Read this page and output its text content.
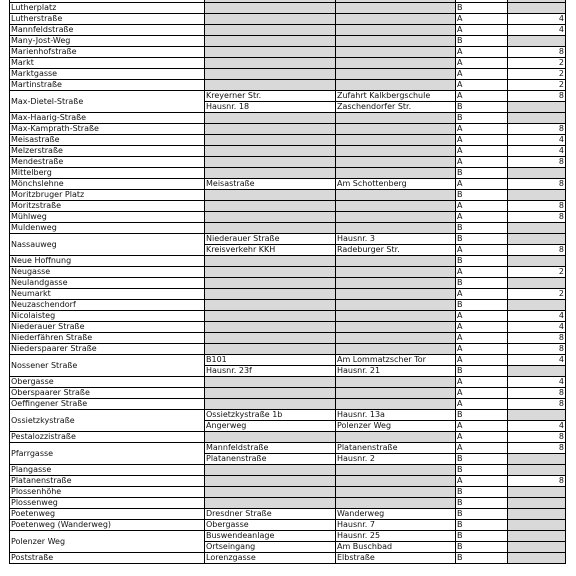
Lutherplatz			B	
Lutherstraße			A	4
Mannfeldstraße			A	4
Many-Jost-Weg			B	
Marienhofstraße			A	8
Markt			A	2
Marktgasse			A	2
Martinstraße			A	2
Max-Dietel-Straße	Kreyerner Str.	Zufahrt Kalkbergschule	A	8
	Hausnr. 18	Zaschendorfer Str.	B	
Max-Haarig-Straße			B	
Max-Kamprath-Straße			A	8
Meisastraße			A	4
Melzerstraße			A	4
Mendestraße			A	8
Mittelberg			B	
Mönchslehne	Meisastraße	Am Schottenberg	A	8
Moritzbruger Platz			B	
Moritzstraße			A	8
Mühlweg			A	8
Muldenweg			B	
Nassauweg	Niederauer Straße	Hausnr. 3	B	
	Kreisverkehr KKH	Radeburger Str.	A	8
Neue Hoffnung			B	
Neugasse			A	2
Neulandgasse			B	
Neumarkt			A	2
Neuzaschendorf			B	
Nicolaisteg			A	4
Niederauer Straße			A	4
Niederfähren Straße			A	8
Niederspaarer Straße			A	8
Nossener Straße	B101	Am Lommatzscher Tor	A	4
	Hausnr. 23f	Hausnr. 21	B	
Obergasse			A	4
Oberspaarer Straße			A	8
Oeffingener Straße			A	8
Ossietzkystraße	Ossietzkystraße 1b	Hausnr. 13a	B	
	Angerweg	Polenzer Weg	A	4
Pestalozzistraße			A	8
Pfarrgasse	Mannfeldstraße	Platanenstraße	A	8
	Platanenstraße	Hausnr. 2	B	
Plangasse			B	
Platanenstraße			A	8
Plossenhöhe			B	
Plossenweg			B	
Poetenweg	Dresdner Straße	Wanderweg	B	
Poetenweg (Wanderweg)	Obergasse	Hausnr. 7	B	
Polenzer Weg	Buswendeanlage	Hausnr. 25	B	
	Ortseingang	Am Buschbad	B	
Poststraße	Lorenzgasse	Elbstraße	B	
